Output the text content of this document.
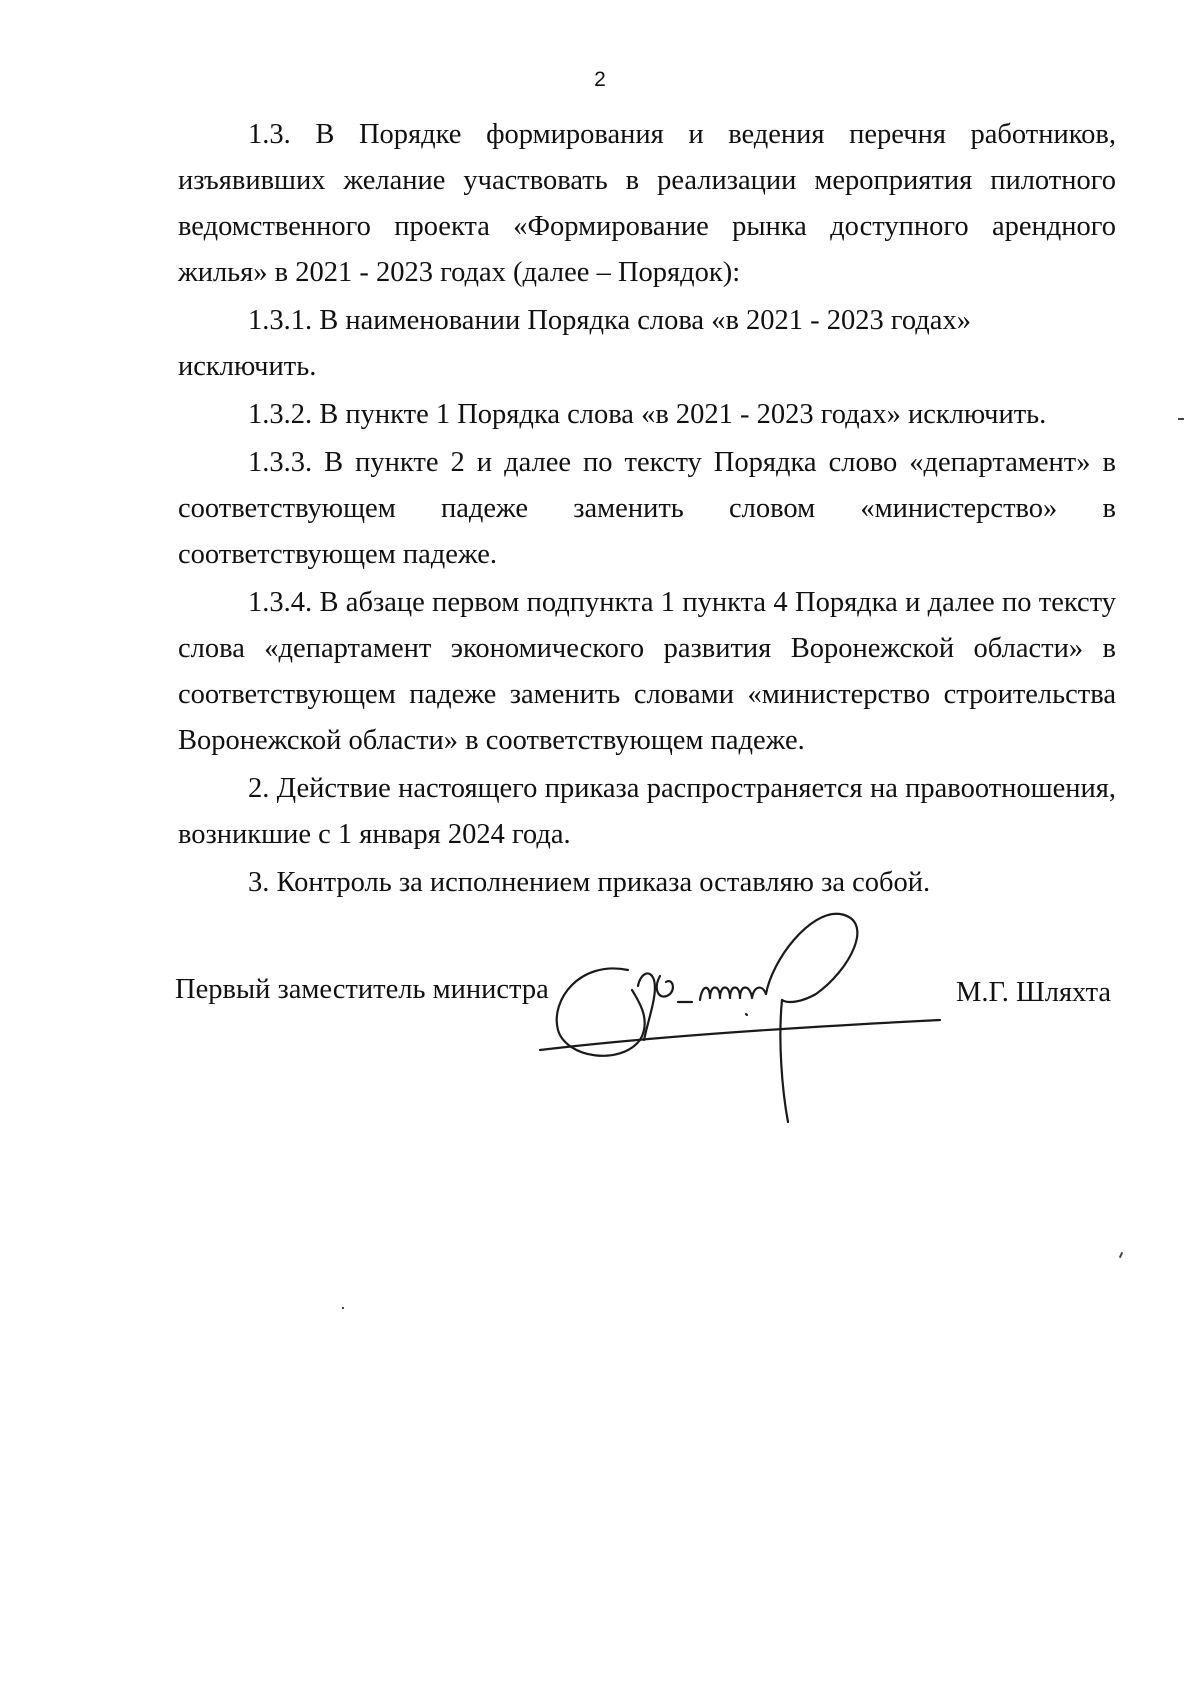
2

1.3. В Порядке формирования и ведения перечня работников, изъявивших желание участвовать в реализации мероприятия пилотного ведомственного проекта «Формирование рынка доступного арендного жилья» в 2021 - 2023 годах (далее – Порядок):

1.3.1. В наименовании Порядка слова «в 2021 - 2023 годах» исключить.

1.3.2. В пункте 1 Порядка слова «в 2021 - 2023 годах» исключить.

1.3.3. В пункте 2 и далее по тексту Порядка слово «департамент» в соответствующем падеже заменить словом «министерство» в соответствующем падеже.

1.3.4. В абзаце первом подпункта 1 пункта 4 Порядка и далее по тексту слова «департамент экономического развития Воронежской области» в соответствующем падеже заменить словами «министерство строительства Воронежской области» в соответствующем падеже.

2. Действие настоящего приказа распространяется на правоотношения, возникшие с 1 января 2024 года.

3. Контроль за исполнением приказа оставляю за собой.

Первый заместитель министра	М.Г. Шляхта
